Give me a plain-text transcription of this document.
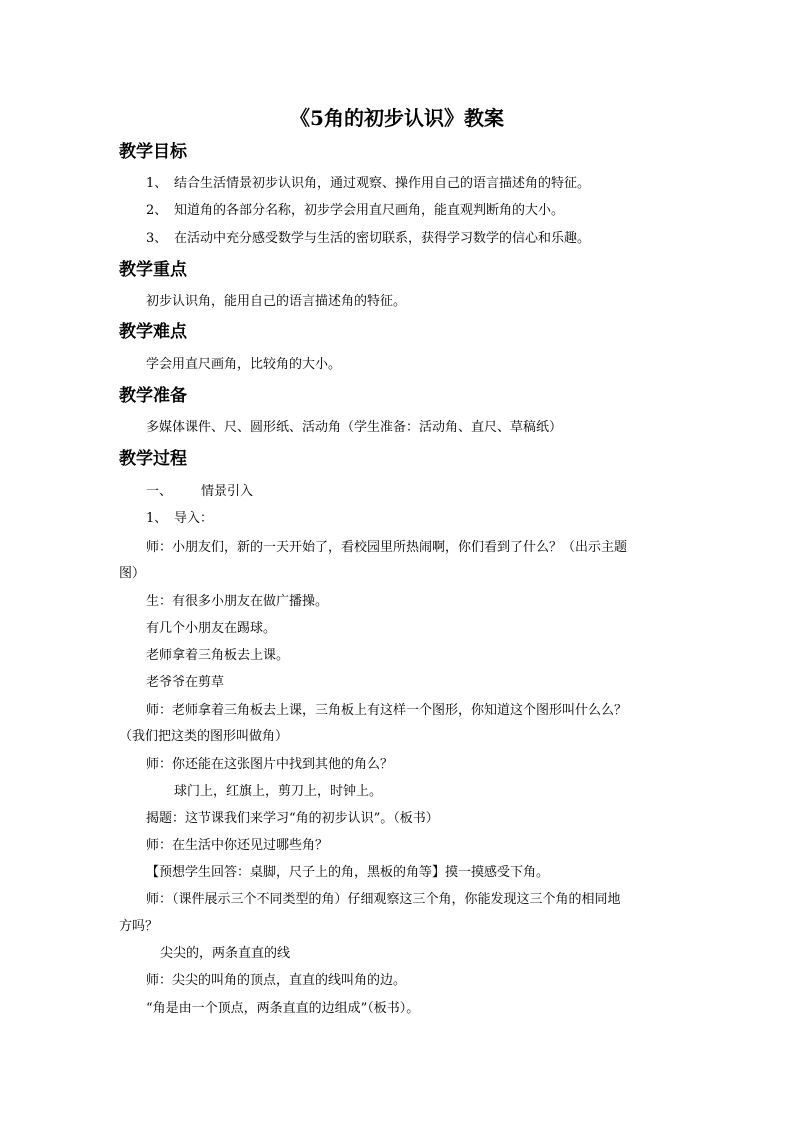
《5角的初步认识》教案
教学目标
1、 结合生活情景初步认识角，通过观察、操作用自己的语言描述角的特征。
2、 知道角的各部分名称，初步学会用直尺画角，能直观判断角的大小。
3、 在活动中充分感受数学与生活的密切联系，获得学习数学的信心和乐趣。
教学重点
初步认识角，能用自己的语言描述角的特征。
教学难点
学会用直尺画角，比较角的大小。
教学准备
多媒体课件、尺、圆形纸、活动角（学生准备：活动角、直尺、草稿纸）
教学过程
一、 情景引入
1、 导入：
师：小朋友们，新的一天开始了，看校园里所热闹啊，你们看到了什么？（出示主题
图）
生：有很多小朋友在做广播操。
有几个小朋友在踢球。
老师拿着三角板去上课。
老爷爷在剪草
师：老师拿着三角板去上课，三角板上有这样一个图形，你知道这个图形叫什么么？
（我们把这类的图形叫做角）
师：你还能在这张图片中找到其他的角么？
球门上，红旗上，剪刀上，时钟上。
揭题：这节课我们来学习“角的初步认识”。（板书）
师：在生活中你还见过哪些角？
【预想学生回答：桌脚，尺子上的角，黑板的角等】摸一摸感受下角。
师：（课件展示三个不同类型的角）仔细观察这三个角，你能发现这三个角的相同地
方吗？
尖尖的，两条直直的线
师：尖尖的叫角的顶点，直直的线叫角的边。
“角是由一个顶点，两条直直的边组成”（板书）。
